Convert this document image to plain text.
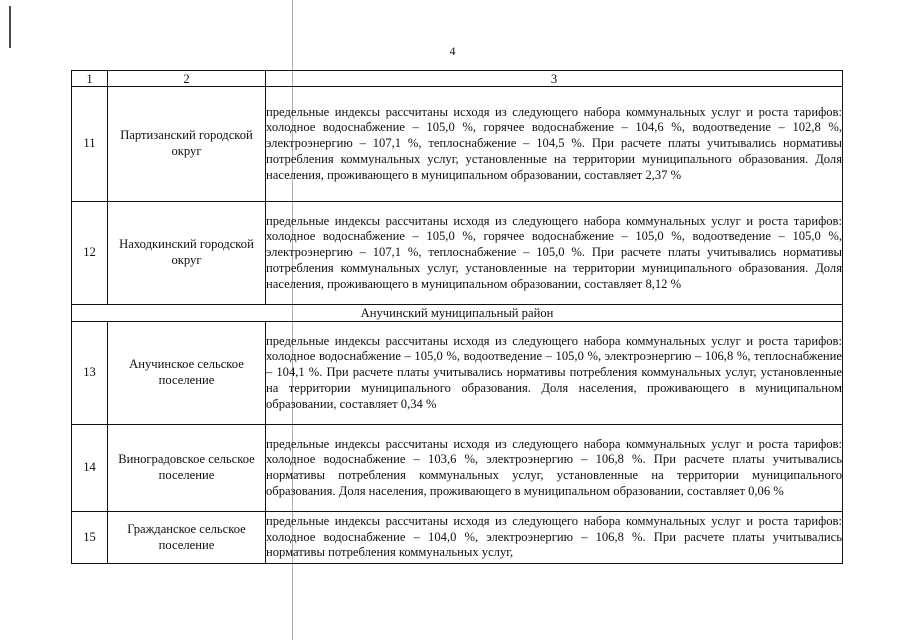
4
1	2	3
11	Партизанский городской округ	предельные индексы рассчитаны исходя из следующего набора коммунальных услуг и роста тарифов: холодное водоснабжение – 105,0 %, горячее водоснабжение – 104,6 %, водоотведение – 102,8 %, электроэнергию – 107,1 %, теплоснабжение – 104,5 %. При расчете платы учитывались нормативы потребления коммунальных услуг, установленные на территории муниципального образования. Доля населения, проживающего в муниципальном образовании, составляет 2,37 %
12	Находкинский городской округ	предельные индексы рассчитаны исходя из следующего набора коммунальных услуг и роста тарифов: холодное водоснабжение – 105,0 %, горячее водоснабжение – 105,0 %, водоотведение – 105,0 %, электроэнергию – 107,1 %, теплоснабжение – 105,0 %. При расчете платы учитывались нормативы потребления коммунальных услуг, установленные на территории муниципального образования. Доля населения, проживающего в муниципальном образовании, составляет 8,12 %
Анучинский муниципальный район		
13	Анучинское сельское поселение	предельные индексы рассчитаны исходя из следующего набора коммунальных услуг и роста тарифов: холодное водоснабжение – 105,0 %, водоотведение – 105,0 %, электроэнергию – 106,8 %, теплоснабжение – 104,1 %. При расчете платы учитывались нормативы потребления коммунальных услуг, установленные на территории муниципального образования. Доля населения, проживающего в муниципальном образовании, составляет 0,34 %
14	Виноградовское сельское поселение	предельные индексы рассчитаны исходя из следующего набора коммунальных услуг и роста тарифов: холодное водоснабжение – 103,6 %, электроэнергию – 106,8 %. При расчете платы учитывались нормативы потребления коммунальных услуг, установленные на территории муниципального образования. Доля населения, проживающего в муниципальном образовании, составляет 0,06 %
15	Гражданское сельское поселение	предельные индексы рассчитаны исходя из следующего набора коммунальных услуг и роста тарифов: холодное водоснабжение – 104,0 %, электроэнергию – 106,8 %. При расчете платы учитывались нормативы потребления коммунальных услуг,
